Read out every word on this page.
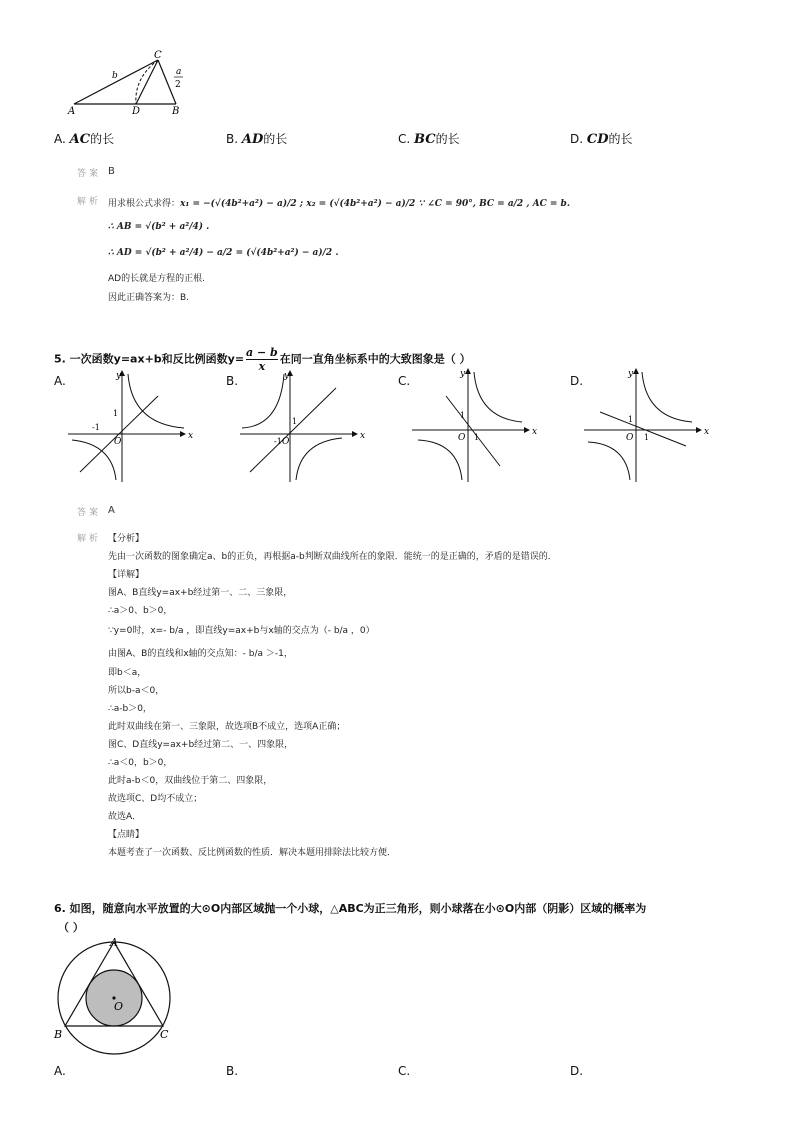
A	D	B
C
b	a
2
A. AC的长	B. AD的长	C. BC的长	D. CD的长
答案 B
解析 用求根公式求得：x₁ = −(√(4b²+a²) − a)/2 ; x₂ = (√(4b²+a²) − a)/2 ∵ ∠C = 90°, BC = a/2 , AC = b.
∴ AB = √(b² + a²/4) .
∴ AD = √(b² + a²/4) − a/2 = (√(4b²+a²) − a)/2 .
AD的长就是方程的正根.
因此正确答案为：B.
5. 一次函数y=ax+b和反比例函数$y= \frac{a - b}{x}$ 在同一直角坐标系中的大致图象是（ ）
A.	B.	C.	D.
x
y
O
1
-1
x
y
O
1
-1
x
y
O
1
1
x
y
O
1
1
答案 A
解析 【分析】
先由一次函数的图象确定a、b的正负，再根据a-b判断双曲线所在的象限．能统一的是正确的，矛盾的是错误的．
【详解】
图A、B直线y=ax+b经过第一、二、三象限，
∴a＞0、b＞0，
∵y=0时，x=- b/a ，即直线y=ax+b与x轴的交点为（- b/a ，0）
由图A、B的直线和x轴的交点知：- b/a ＞-1，
即b＜a，
所以b-a＜0，
∴a-b＞0，
此时双曲线在第一、三象限，故选项B不成立，选项A正确；
图C、D直线y=ax+b经过第二、一、四象限，
∴a＜0，b＞0，
此时a-b＜0，双曲线位于第二、四象限，
故选项C、D均不成立；
故选A．
【点睛】
本题考查了一次函数、反比例函数的性质．解决本题用排除法比较方便．
6. 如图，随意向水平放置的大⊙O内部区域抛一个小球，△ABC为正三角形，则小球落在小⊙O内部（阴影）区域的概率为
（ ）
A
B	C
O
A.	B.	C.	D.
